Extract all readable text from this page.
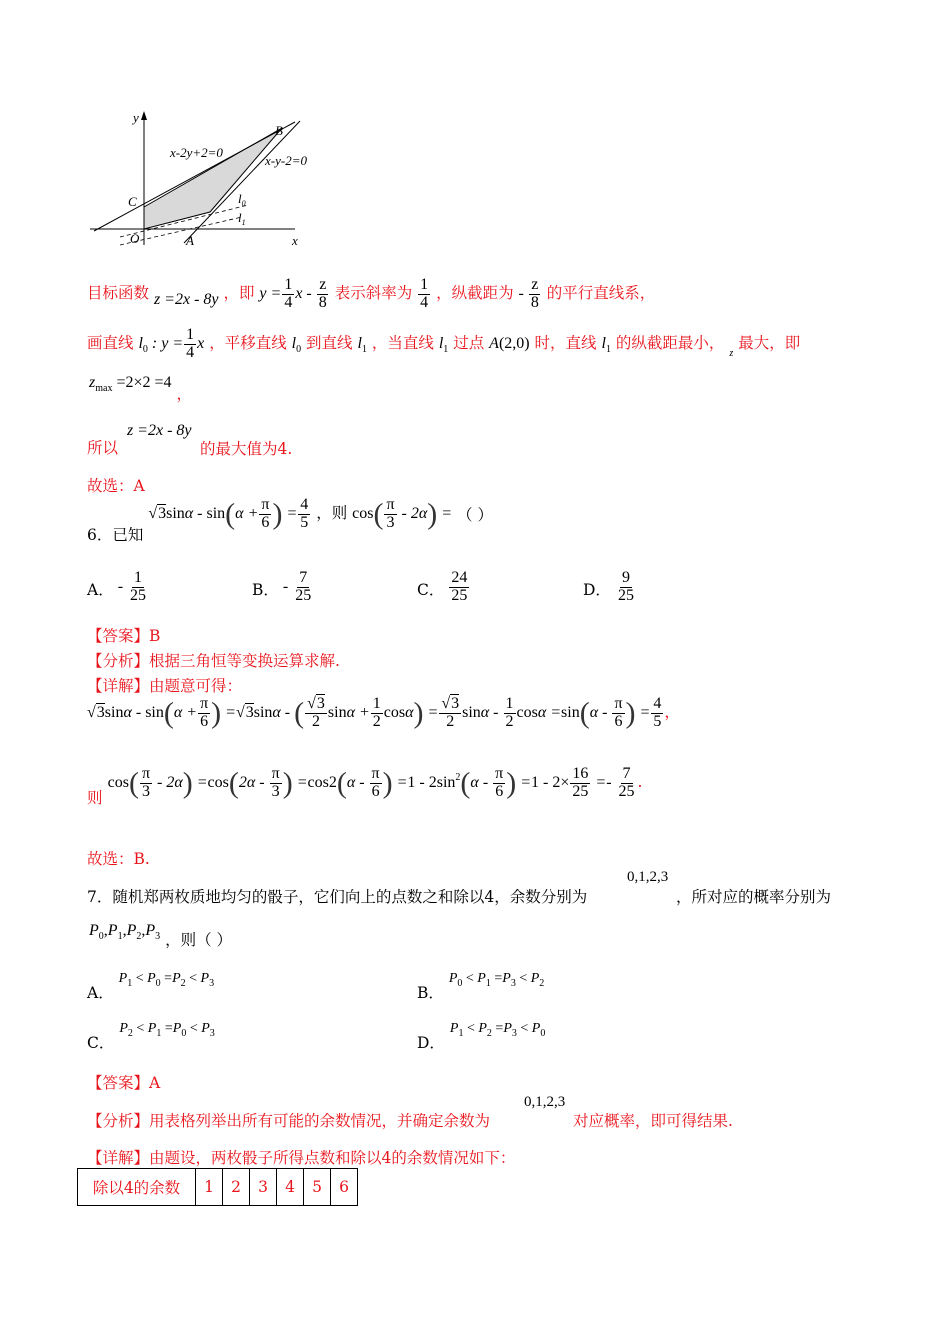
y
x
O	A
B
C
x-2y+2=0
x-y-2=0
$l_0$
$l_1$
目标函数 z =2x - 8y ，即 $y = \frac{1}{4}$ x - $\frac{z}{8}$ 表示斜率为 $\frac{1}{4}$ ，纵截距为 - $\frac{z}{8}$ 的平行直线系，
画直线 $l_0$ : $y = \frac{1}{4}$ x ，平移直线 $l_0$ 到直线 $l_1$ ，当直线 $l_1$ 过点 A(2,0) 时，直线 $l_1$ 的纵截距最小， $_z$ 最大，即
$z_{max} =2\times 2 =4$ ，
所以 z =2x - 8y
的最大值为4.
故选：A
6．已知 $√3\sin\alpha - \sin(\alpha + \frac{\pi}{6}$ ) = $\frac{4}{5}$ ，则 $\cos( \frac{\pi}{3} - 2\alpha)$ = （ ）
A． - $\frac{1}{25}$	B． - $\frac{7}{25}$	C． $\frac{24}{25}$	D． $\frac{9}{25}$
【答案】B
【分析】根据三角恒等变换运算求解.
【详解】由题意可得：
$√3\sin\alpha - \sin(\alpha + \frac{\pi}{6}$ ) =√3sinα - ( $\frac{√3}{2}$ $\sin\alpha + \frac{1}{2} \cos\alpha) = \frac{√3}{2}$ sinα - $\frac{1}{2}$ $\cos\alpha =\sin(\alpha - \frac{\pi}{6}$ ) = $\frac{4}{5}$ ，
则 $\cos( \frac{\pi}{3} - 2\alpha) =\cos(2\alpha - \frac{\pi}{3}$ ) $=\cos 2(\alpha - \frac{\pi}{6}$ ) $=1 - 2\sin^2(\alpha - \frac{\pi}{6}$ ) $=1 - 2\times \frac{16}{25} =- \frac{7}{25}$ .
故选：B.
0,1,2,3
7．随机郑两枚质地均匀的骰子，它们向上的点数之和除以4，余数分别为	，所对应的概率分别为
$P_0,P_1,P_2,P_3$ ，则（ ）
A． $P_1 < P_0 =P_2 < P_3$
B． $P_0 < P_1 =P_3 < P_2$
C． $P_2 < P_1 =P_0 < P_3$
D． $P_1 < P_2 =P_3 < P_0$
【答案】A
0,1,2,3
【分析】用表格列举出所有可能的余数情况，并确定余数为	对应概率，即可得结果.
【详解】由题设，两枚骰子所得点数和除以4的余数情况如下：
除以4的余数	1	2	3	4	5	6
